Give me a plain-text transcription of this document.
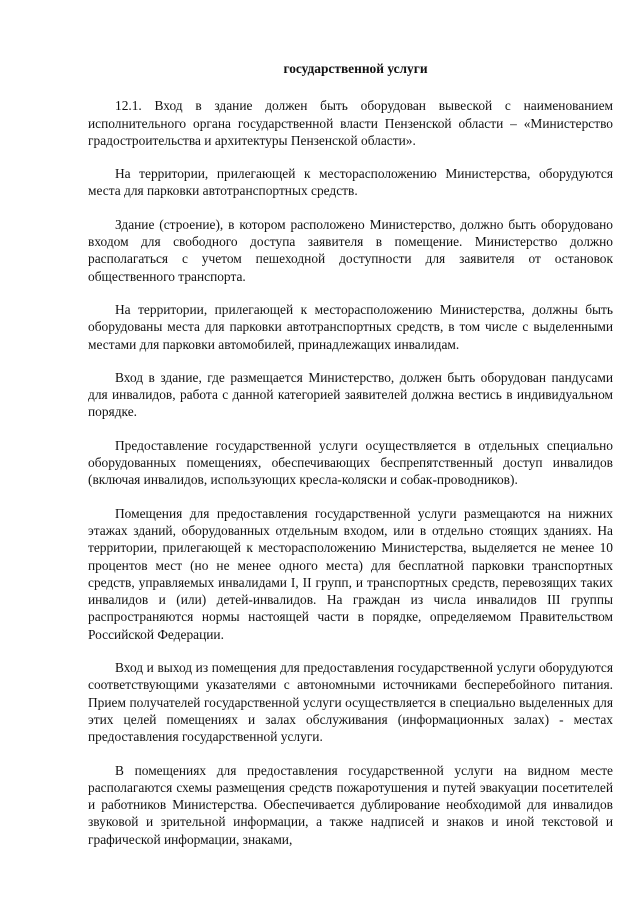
государственной услуги

12.1. Вход в здание должен быть оборудован вывеской с наименованием исполнительного органа государственной власти Пензенской области – «Министерство градостроительства и архитектуры Пензенской области».

На территории, прилегающей к месторасположению Министерства, оборудуются места для парковки автотранспортных средств.

Здание (строение), в котором расположено Министерство, должно быть оборудовано входом для свободного доступа заявителя в помещение. Министерство должно располагаться с учетом пешеходной доступности для заявителя от остановок общественного транспорта.

На территории, прилегающей к месторасположению Министерства, должны быть оборудованы места для парковки автотранспортных средств, в том числе с выделенными местами для парковки автомобилей, принадлежащих инвалидам.

Вход в здание, где размещается Министерство, должен быть оборудован пандусами для инвалидов, работа с данной категорией заявителей должна вестись в индивидуальном порядке.

Предоставление государственной услуги осуществляется в отдельных специально оборудованных помещениях, обеспечивающих беспрепятственный доступ инвалидов (включая инвалидов, использующих кресла-коляски и собак-проводников).

Помещения для предоставления государственной услуги размещаются на нижних этажах зданий, оборудованных отдельным входом, или в отдельно стоящих зданиях. На территории, прилегающей к месторасположению Министерства, выделяется не менее 10 процентов мест (но не менее одного места) для бесплатной парковки транспортных средств, управляемых инвалидами I, II групп, и транспортных средств, перевозящих таких инвалидов и (или) детей-инвалидов. На граждан из числа инвалидов III группы распространяются нормы настоящей части в порядке, определяемом Правительством Российской Федерации.

Вход и выход из помещения для предоставления государственной услуги оборудуются соответствующими указателями с автономными источниками бесперебойного питания. Прием получателей государственной услуги осуществляется в специально выделенных для этих целей помещениях и залах обслуживания (информационных залах) - местах предоставления государственной услуги.

В помещениях для предоставления государственной услуги на видном месте располагаются схемы размещения средств пожаротушения и путей эвакуации посетителей и работников Министерства. Обеспечивается дублирование необходимой для инвалидов звуковой и зрительной информации, а также надписей и знаков и иной текстовой и графической информации, знаками,
